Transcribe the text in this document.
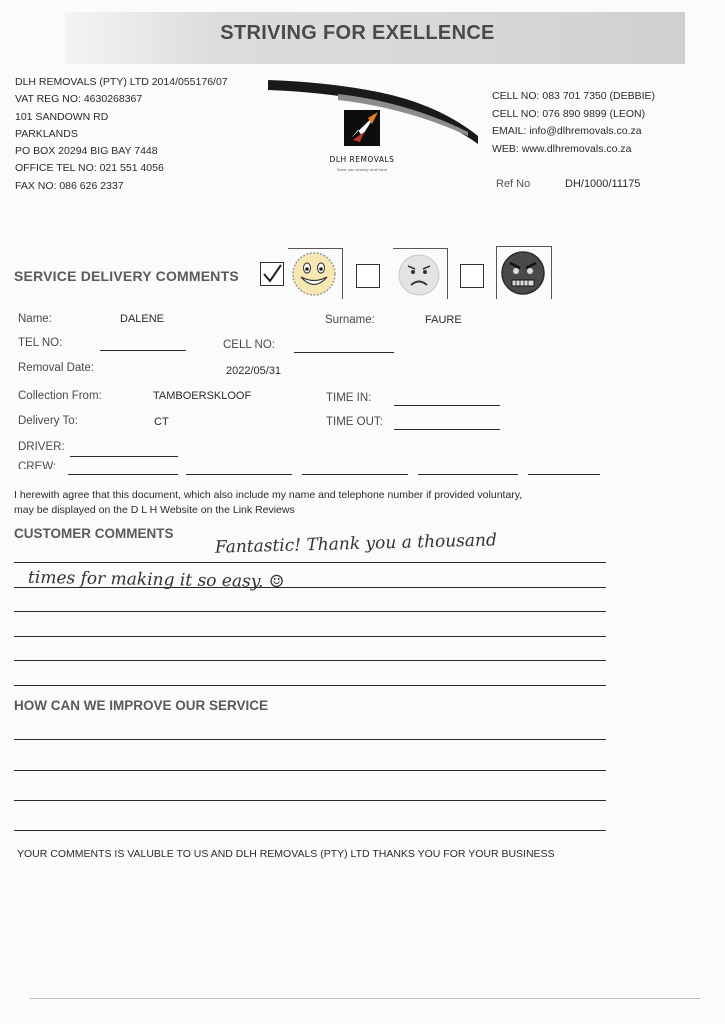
STRIVING FOR EXELLENCE
DLH REMOVALS (PTY) LTD 2014/055176/07
VAT REG NO: 4630268367
101 SANDOWN RD
PARKLANDS
PO BOX 20294 BIG BAY 7448
OFFICE TEL NO: 021 551 4056
FAX NO: 086 626 2337
DLH REMOVALS
Save you money and time
CELL NO: 083 701 7350 (DEBBIE)
CELL NO: 076 890 9899 (LEON)
EMAIL: info@dlhremovals.co.za
WEB: www.dlhremovals.co.za
Ref No	DH/1000/11175
SERVICE DELIVERY COMMENTS
Name:	DALENE	Surname:	FAURE
TEL NO:	CELL NO:
Removal Date:	2022/05/31
Collection From:	TAMBOERSKLOOF	TIME IN:
Delivery To:	CT	TIME OUT:
DRIVER:
CREW:
I herewith agree that this document, which also include my name and telephone number if provided voluntary,
may be displayed on the D L H Website on the Link Reviews
CUSTOMER COMMENTS Fantastic! Thank you a thousand
times for making it so easy. ☺
HOW CAN WE IMPROVE OUR SERVICE
YOUR COMMENTS IS VALUBLE TO US AND DLH REMOVALS (PTY) LTD THANKS YOU FOR YOUR BUSINESS
